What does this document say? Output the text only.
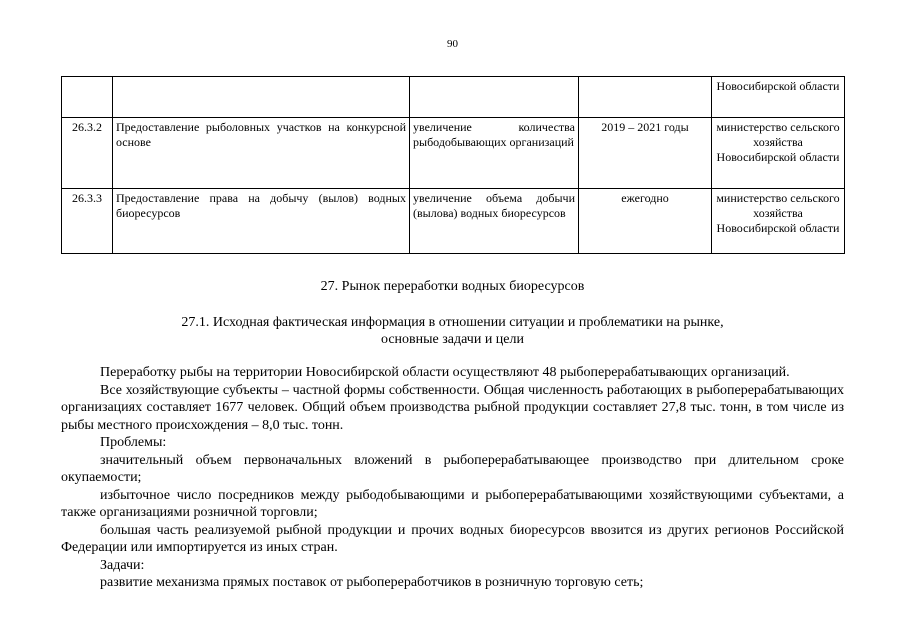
90
				Новосибирской области
26.3.2	Предоставление рыболовных участков на конкурсной основе	увеличение количества рыбодобывающих организаций	2019 – 2021 годы	министерство сельского хозяйства Новосибирской области
26.3.3	Предоставление права на добычу (вылов) водных биоресурсов	увеличение объема добычи (вылова) водных биоресурсов	ежегодно	министерство сельского хозяйства Новосибирской области
27. Рынок переработки водных биоресурсов
27.1. Исходная фактическая информация в отношении ситуации и проблематики на рынке,
основные задачи и цели

Переработку рыбы на территории Новосибирской области осуществляют 48 рыбоперерабатывающих организаций.

Все хозяйствующие субъекты – частной формы собственности. Общая численность работающих в рыбоперерабатывающих организациях составляет 1677 человек. Общий объем производства рыбной продукции составляет 27,8 тыс. тонн, в том числе из рыбы местного происхождения – 8,0 тыс. тонн.

Проблемы:

значительный объем первоначальных вложений в рыбоперерабатывающее производство при длительном сроке окупаемости;

избыточное число посредников между рыбодобывающими и рыбоперерабатывающими хозяйствующими субъектами, а также организациями розничной торговли;

большая часть реализуемой рыбной продукции и прочих водных биоресурсов ввозится из других регионов Российской Федерации или импортируется из иных стран.

Задачи:

развитие механизма прямых поставок от рыбопереработчиков в розничную торговую сеть;
